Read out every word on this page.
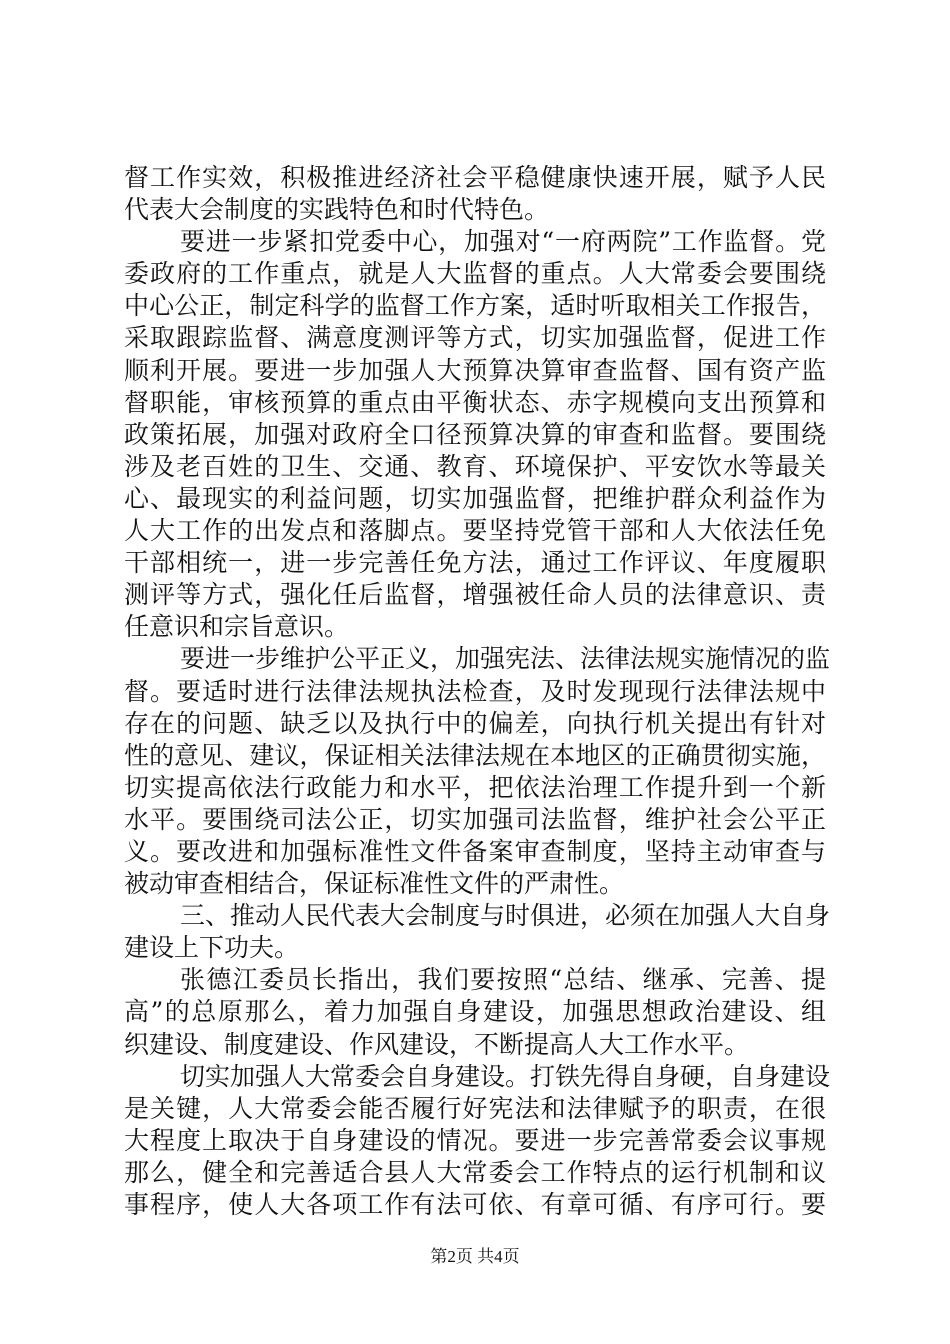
督工作实效，积极推进经济社会平稳健康快速开展，赋予人民
代表大会制度的实践特色和时代特色。
要进一步紧扣党委中心，加强对“一府两院”工作监督。党
委政府的工作重点，就是人大监督的重点。人大常委会要围绕
中心公正，制定科学的监督工作方案，适时听取相关工作报告，
采取跟踪监督、满意度测评等方式，切实加强监督，促进工作
顺利开展。要进一步加强人大预算决算审查监督、国有资产监
督职能，审核预算的重点由平衡状态、赤字规模向支出预算和
政策拓展，加强对政府全口径预算决算的审查和监督。要围绕
涉及老百姓的卫生、交通、教育、环境保护、平安饮水等最关
心、最现实的利益问题，切实加强监督，把维护群众利益作为
人大工作的出发点和落脚点。要坚持党管干部和人大依法任免
干部相统一，进一步完善任免方法，通过工作评议、年度履职
测评等方式，强化任后监督，增强被任命人员的法律意识、责
任意识和宗旨意识。
要进一步维护公平正义，加强宪法、法律法规实施情况的监
督。要适时进行法律法规执法检查，及时发现现行法律法规中
存在的问题、缺乏以及执行中的偏差，向执行机关提出有针对
性的意见、建议，保证相关法律法规在本地区的正确贯彻实施，
切实提高依法行政能力和水平，把依法治理工作提升到一个新
水平。要围绕司法公正，切实加强司法监督，维护社会公平正
义。要改进和加强标准性文件备案审查制度，坚持主动审查与
被动审查相结合，保证标准性文件的严肃性。
三、推动人民代表大会制度与时俱进，必须在加强人大自身
建设上下功夫。
张德江委员长指出，我们要按照“总结、继承、完善、提
高”的总原那么，着力加强自身建设，加强思想政治建设、组
织建设、制度建设、作风建设，不断提高人大工作水平。
切实加强人大常委会自身建设。打铁先得自身硬，自身建设
是关键，人大常委会能否履行好宪法和法律赋予的职责，在很
大程度上取决于自身建设的情况。要进一步完善常委会议事规
那么，健全和完善适合县人大常委会工作特点的运行机制和议
事程序，使人大各项工作有法可依、有章可循、有序可行。要
第2页 共4页
